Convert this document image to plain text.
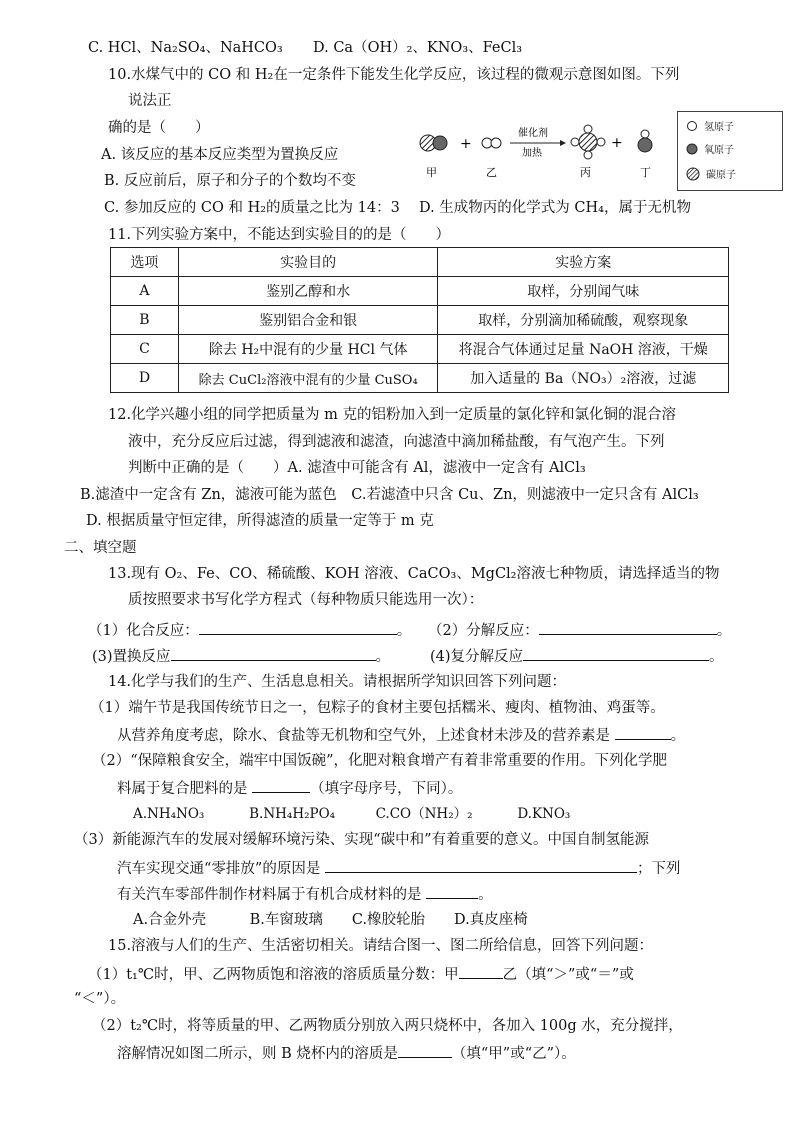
C. HCl、Na₂SO₄、NaHCO₃ D. Ca（OH）₂、KNO₃、FeCl₃
10.水煤气中的 CO 和 H₂在一定条件下能发生化学反应，该过程的微观示意图如图。下列
说法正
确的是（　　）
A. 该反应的基本反应类型为置换反应
B. 反应前后，原子和分子的个数均不变
C. 参加反应的 CO 和 H₂的质量之比为 14：3　 D. 生成物丙的化学式为 CH₄，属于无机物
+
催化剂
加热
+
甲	乙	丙	丁
氢原子
氧原子
碳原子
11.下列实验方案中，不能达到实验目的的是（　　）
选项	实验目的	实验方案
A	鉴别乙醇和水	取样，分别闻气味
B	鉴别铝合金和银	取样，分别滴加稀硫酸，观察现象
C	除去 H₂中混有的少量 HCl 气体	将混合气体通过足量 NaOH 溶液，干燥
D	除去 CuCl₂溶液中混有的少量 CuSO₄	加入适量的 Ba（NO₃）₂溶液，过滤
12.化学兴趣小组的同学把质量为 m 克的铝粉加入到一定质量的氯化锌和氯化铜的混合溶
液中，充分反应后过滤，得到滤液和滤渣，向滤渣中滴加稀盐酸，有气泡产生。下列
判断中正确的是（　　）A. 滤渣中可能含有 Al，滤液中一定含有 AlCl₃
B.滤渣中一定含有 Zn，滤液可能为蓝色　C.若滤渣中只含 Cu、Zn，则滤液中一定只含有 AlCl₃
D. 根据质量守恒定律，所得滤渣的质量一定等于 m 克
二、填空题
13.现有 O₂、Fe、CO、稀硫酸、KOH 溶液、CaCO₃、MgCl₂溶液七种物质，请选择适当的物
质按照要求书写化学方程式（每种物质只能选用一次）：
（1）化合反应：	。 （2）分解反应：	。
(3)置换反应	。	(4)复分解反应	。
14.化学与我们的生产、生活息息相关。请根据所学知识回答下列问题：
（1）端午节是我国传统节日之一，包粽子的食材主要包括糯米、瘦肉、植物油、鸡蛋等。
从营养角度考虑，除水、食盐等无机物和空气外，上述食材未涉及的营养素是	。
（2）“保障粮食安全，端牢中国饭碗”，化肥对粮食增产有着非常重要的作用。下列化学肥
料属于复合肥料的是	（填字母序号，下同）。
A.NH₄NO₃　　　 B.NH₄H₂PO₄　　　C.CO（NH₂）₂　　　 D.KNO₃
（3）新能源汽车的发展对缓解环境污染、实现“碳中和”有着重要的意义。中国自制氢能源
汽车实现交通“零排放”的原因是	；下列
有关汽车零部件制作材料属于有机合成材料的是	。
A.合金外壳　　　B.车窗玻璃　　C.橡胶轮胎　　D.真皮座椅
15.溶液与人们的生产、生活密切相关。请结合图一、图二所给信息，回答下列问题：
（1）t₁℃时，甲、乙两物质饱和溶液的溶质质量分数：甲	乙（填“＞”或“＝”或
“＜”）。
（2）t₂℃时，将等质量的甲、乙两物质分别放入两只烧杯中，各加入 100g 水，充分搅拌，
溶解情况如图二所示，则 B 烧杯内的溶质是	（填“甲”或“乙”）。
